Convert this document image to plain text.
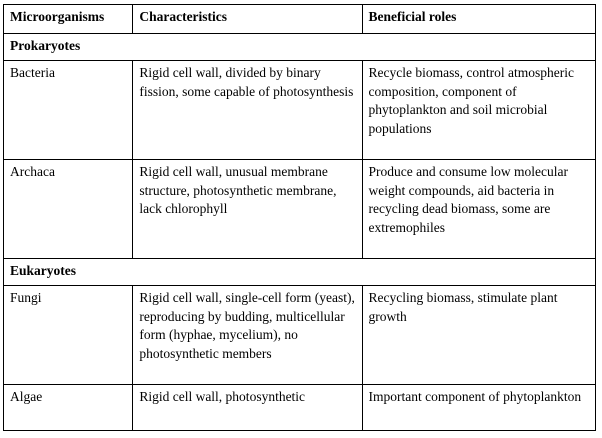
Microorganisms	Characteristics	Beneficial roles
Prokaryotes		
Bacteria	Rigid cell wall, divided by binary fission, some capable of photosynthesis	Recycle biomass, control atmospheric composition, component of phytoplankton and soil microbial populations
Archaca	Rigid cell wall, unusual membrane structure, photosynthetic membrane, lack chlorophyll	Produce and consume low molecular weight compounds, aid bacteria in recycling dead biomass, some are extremophiles
Eukaryotes		
Fungi	Rigid cell wall, single-cell form (yeast), reproducing by budding, multicellular form (hyphae, mycelium), no photosynthetic members	Recycling biomass, stimulate plant growth
Algae	Rigid cell wall, photosynthetic	Important component of phytoplankton
